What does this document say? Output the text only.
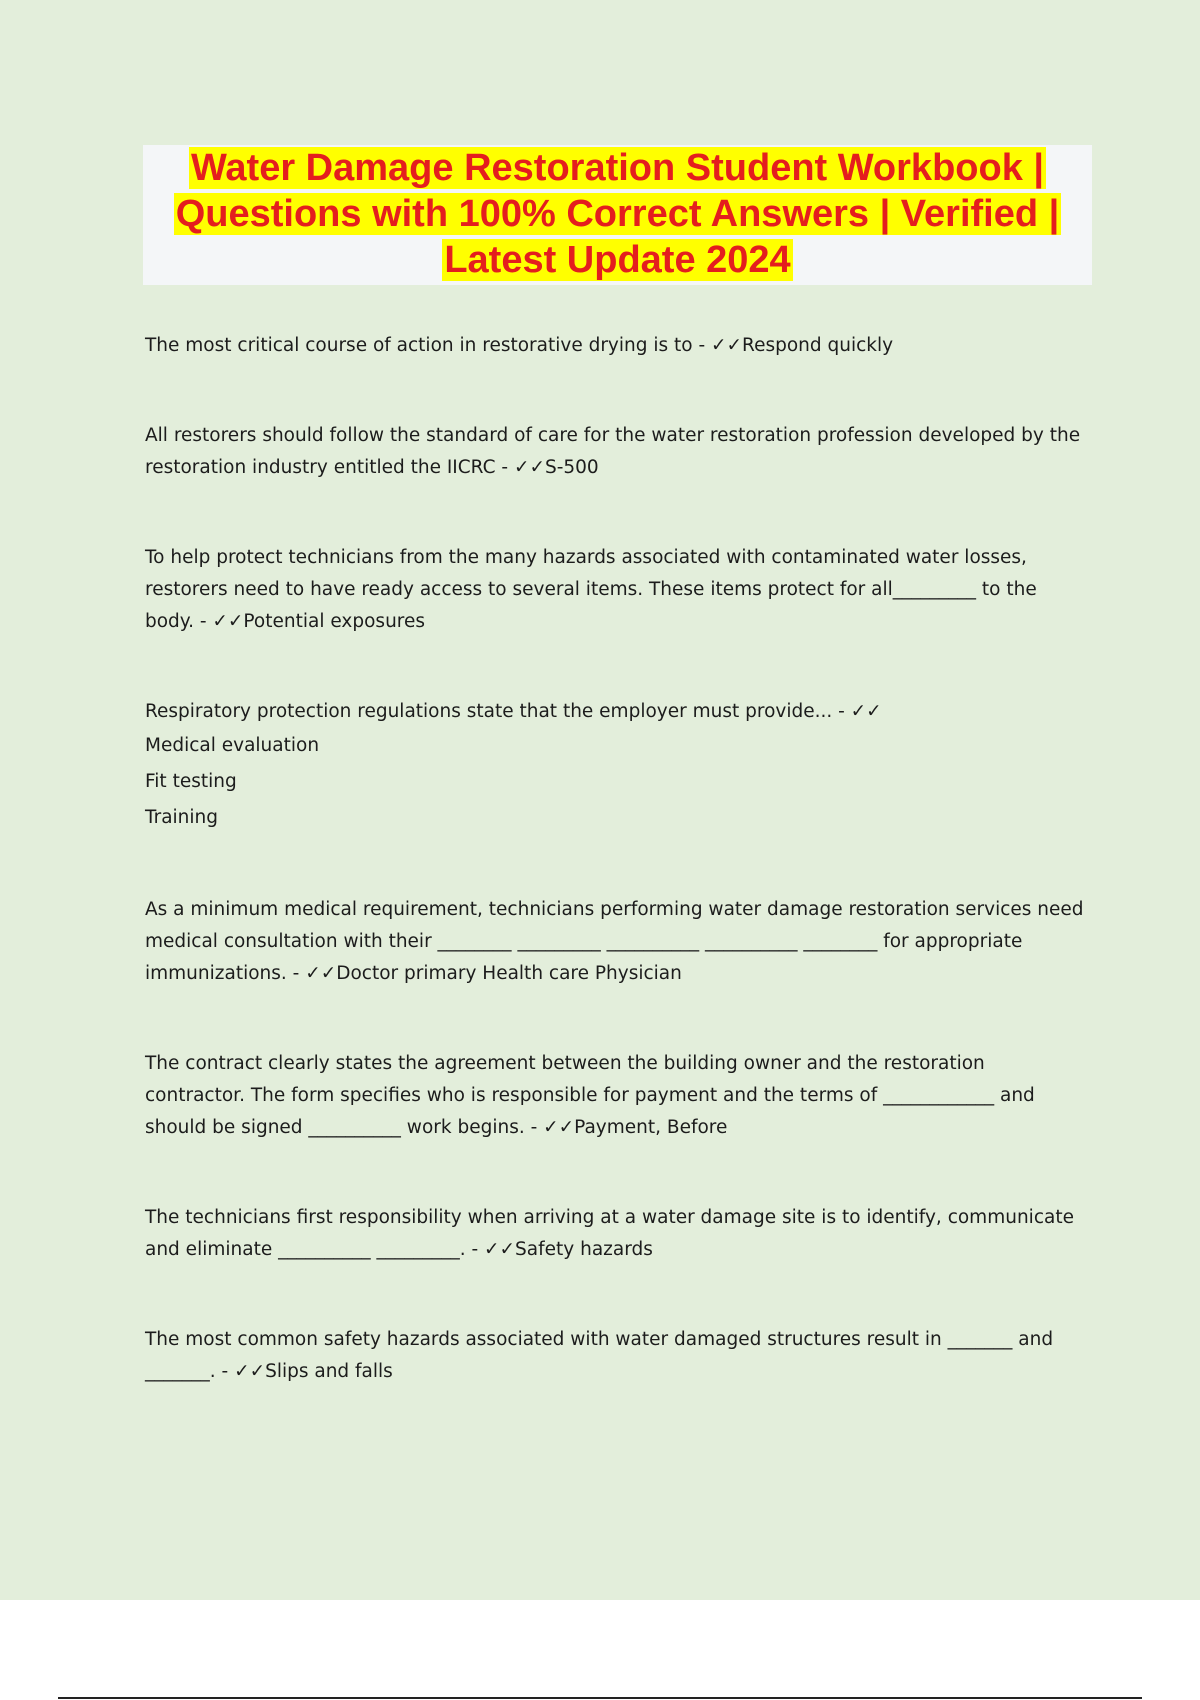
Water Damage Restoration Student Workbook |
Questions with 100% Correct Answers | Verified |
Latest Update 2024

The most critical course of action in restorative drying is to - ✓✓Respond quickly

All restorers should follow the standard of care for the water restoration profession developed by the restoration industry entitled the IICRC - ✓✓S-500

To help protect technicians from the many hazards associated with contaminated water losses, restorers need to have ready access to several items. These items protect for all_________ to the body. - ✓✓Potential exposures

Respiratory protection regulations state that the employer must provide... - ✓✓

Medical evaluation

Fit testing

Training

As a minimum medical requirement, technicians performing water damage restoration services need medical consultation with their ________ _________ __________ __________ ________ for appropriate immunizations. - ✓✓Doctor primary Health care Physician

The contract clearly states the agreement between the building owner and the restoration contractor. The form specifies who is responsible for payment and the terms of ____________ and should be signed __________ work begins. - ✓✓Payment, Before

The technicians first responsibility when arriving at a water damage site is to identify, communicate and eliminate __________ _________. - ✓✓Safety hazards

The most common safety hazards associated with water damaged structures result in _______ and _______. - ✓✓Slips and falls
